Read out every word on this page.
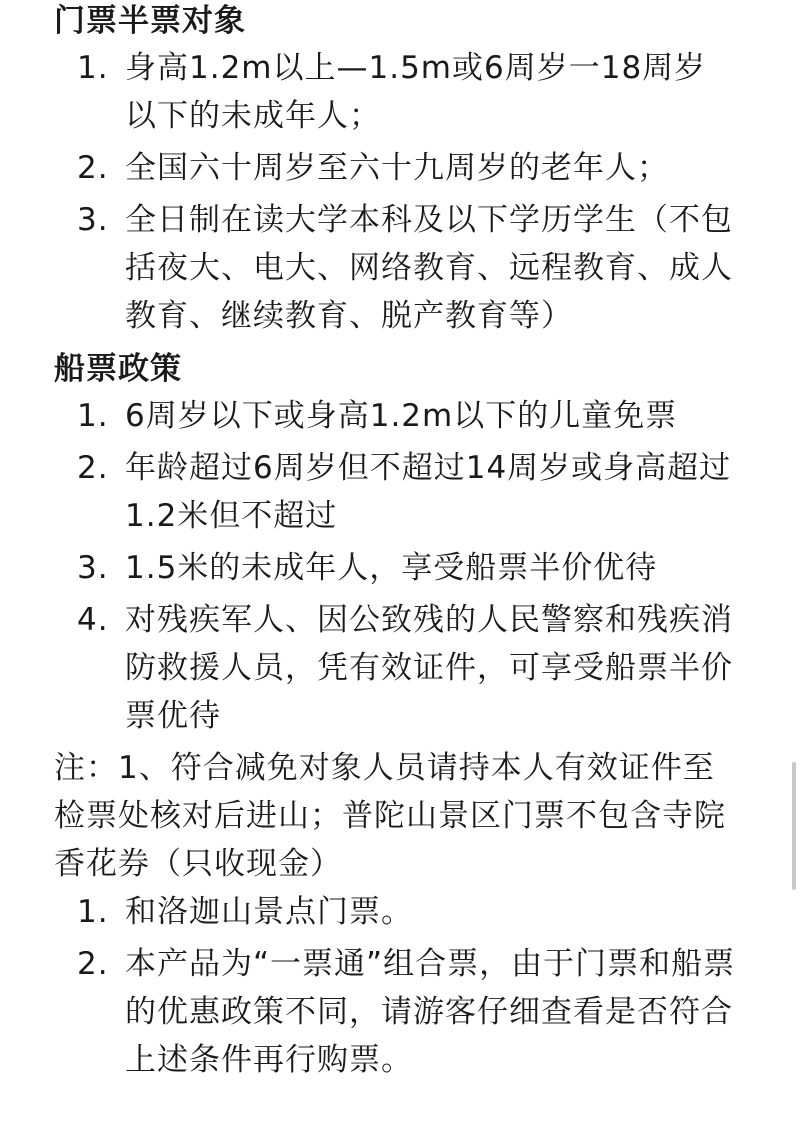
门票半票对象
1. 身高1.2m以上—1.5m或6周岁一18周岁以下的未成年人；
2. 全国六十周岁至六十九周岁的老年人；
3. 全日制在读大学本科及以下学历学生（不包括夜大、电大、网络教育、远程教育、成人教育、继续教育、脱产教育等）
船票政策
1. 6周岁以下或身高1.2m以下的儿童免票
2. 年龄超过6周岁但不超过14周岁或身高超过1.2米但不超过
3. 1.5米的未成年人，享受船票半价优待
4. 对残疾军人、因公致残的人民警察和残疾消防救援人员，凭有效证件，可享受船票半价票优待

注：1、符合减免对象人员请持本人有效证件至检票处核对后进山；普陀山景区门票不包含寺院香花券（只收现金）

1. 和洛迦山景点门票。
2. 本产品为“一票通”组合票，由于门票和船票的优惠政策不同，请游客仔细查看是否符合上述条件再行购票。
